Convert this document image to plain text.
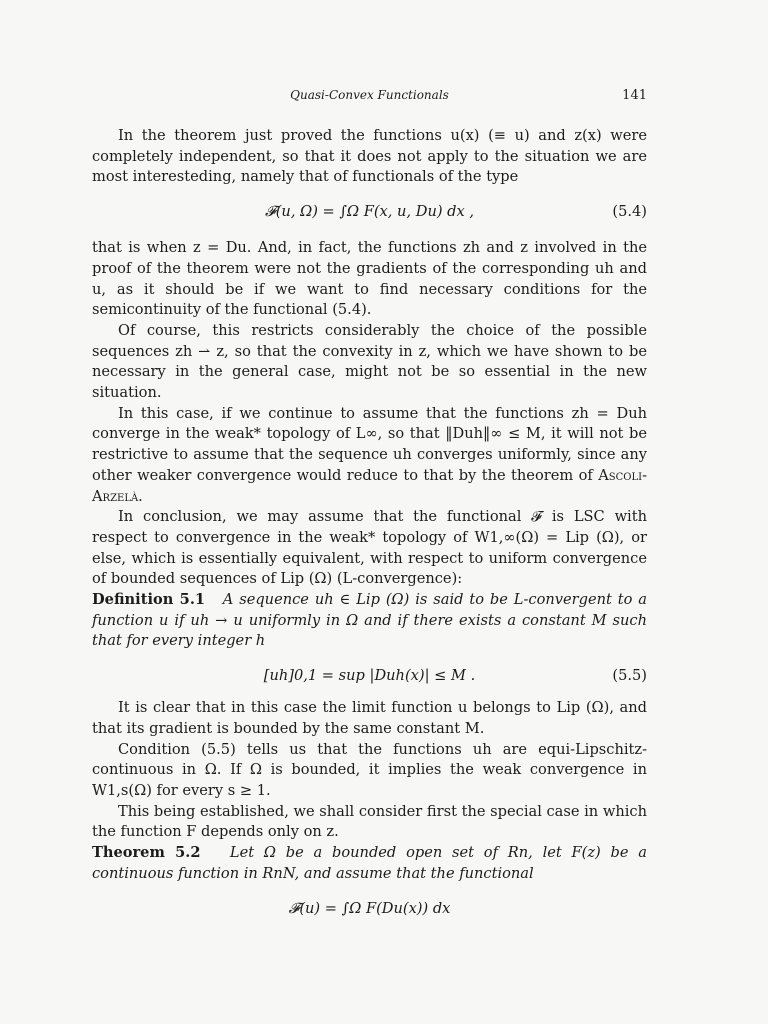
Quasi-Convex Functionals	141

In the theorem just proved the functions u(x) (≡ u) and z(x) were completely independent, so that it does not apply to the situation we are most interesteding, namely that of functionals of the type

𝓕(u, Ω) = ∫Ω F(x, u, Du) dx ,	(5.4)

that is when z = Du. And, in fact, the functions zh and z involved in the proof of the theorem were not the gradients of the corresponding uh and u, as it should be if we want to find necessary conditions for the semicontinuity of the functional (5.4).

Of course, this restricts considerably the choice of the possible sequences zh ⇀ z, so that the convexity in z, which we have shown to be necessary in the general case, might not be so essential in the new situation.

In this case, if we continue to assume that the functions zh = Duh converge in the weak* topology of L∞, so that ‖Duh‖∞ ≤ M, it will not be restrictive to assume that the sequence uh converges uniformly, since any other weaker convergence would reduce to that by the theorem of Ascoli-Arzelà.

In conclusion, we may assume that the functional 𝓕 is LSC with respect to convergence in the weak* topology of W1,∞(Ω) = Lip (Ω), or else, which is essentially equivalent, with respect to uniform convergence of bounded sequences of Lip (Ω) (L-convergence):

Definition 5.1 A sequence uh ∈ Lip (Ω) is said to be L-convergent to a function u if uh → u uniformly in Ω and if there exists a constant M such that for every integer h

[uh]0,1 = sup |Duh(x)| ≤ M .	(5.5)

It is clear that in this case the limit function u belongs to Lip (Ω), and that its gradient is bounded by the same constant M.

Condition (5.5) tells us that the functions uh are equi-Lipschitz-continuous in Ω. If Ω is bounded, it implies the weak convergence in W1,s(Ω) for every s ≥ 1.

This being established, we shall consider first the special case in which the function F depends only on z.

Theorem 5.2 Let Ω be a bounded open set of Rn, let F(z) be a continuous function in RnN, and assume that the functional

𝓕(u) = ∫Ω F(Du(x)) dx
